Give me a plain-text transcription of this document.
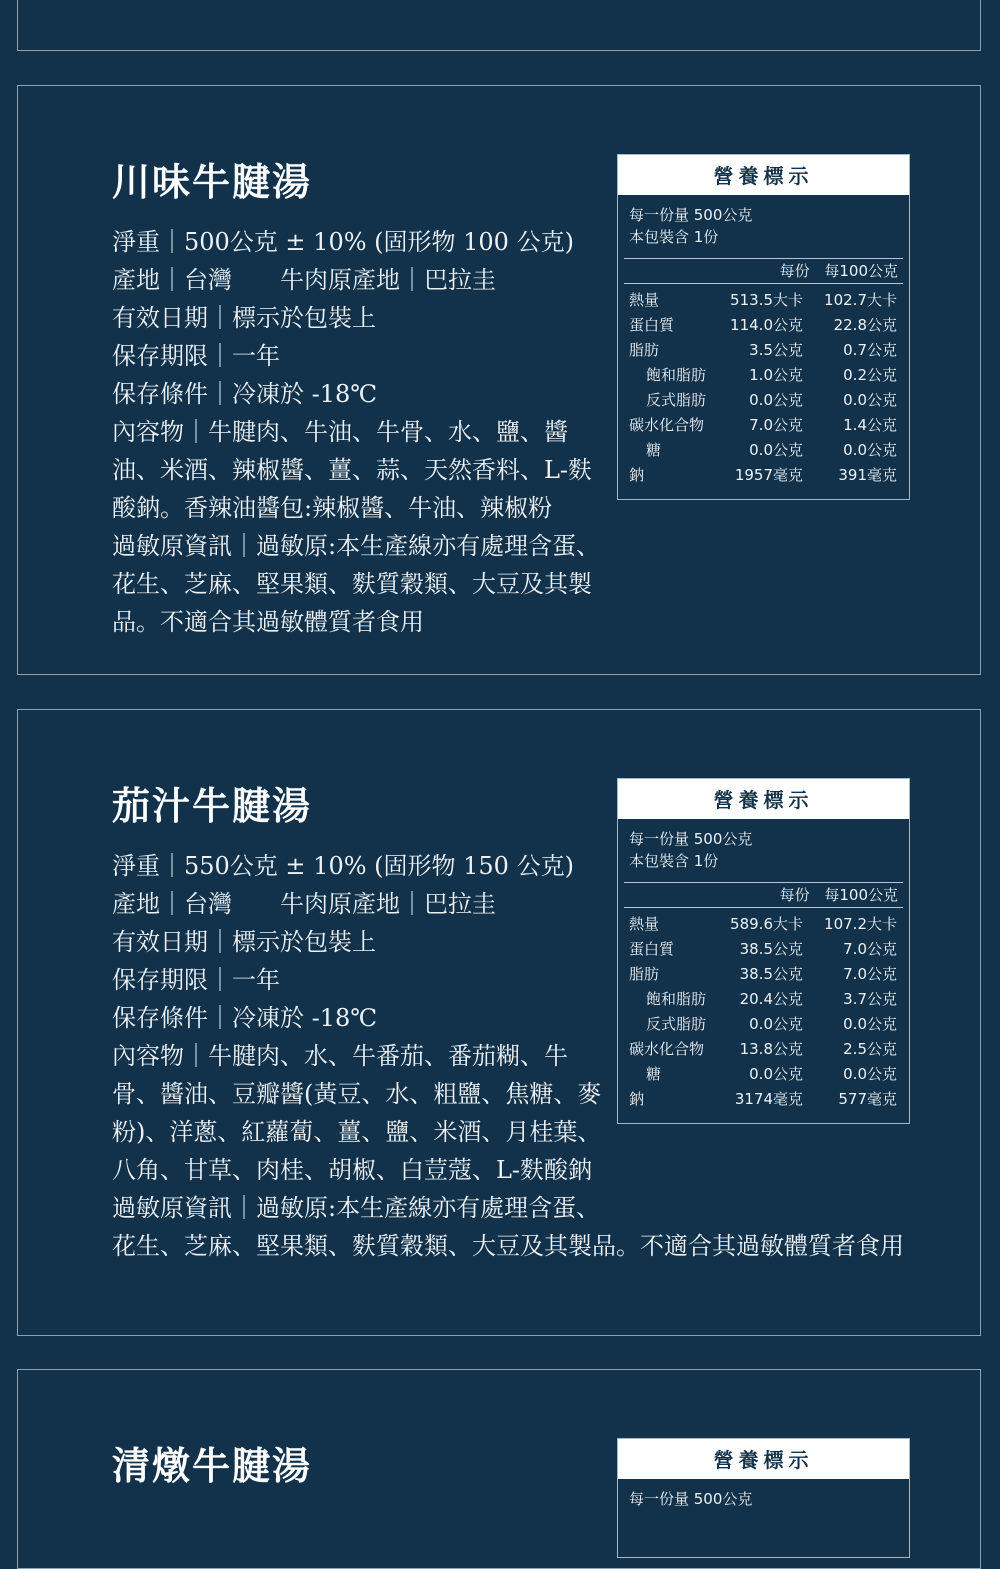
川味牛腱湯

淨重｜500公克 ± 10% (固形物 100 公克)

產地｜台灣　　牛肉原產地｜巴拉圭

有效日期｜標示於包裝上

保存期限｜一年

保存條件｜冷凍於 -18℃

內容物｜牛腱肉、牛油、牛骨、水、鹽、醬油、米酒、辣椒醬、薑、蒜、天然香料、L-麩酸鈉。香辣油醬包:辣椒醬、牛油、辣椒粉

過敏原資訊｜過敏原:本生產線亦有處理含蛋、花生、芝麻、堅果類、麩質穀類、大豆及其製品。不適合其過敏體質者食用

營養標示
每一份量 500公克
本包裝含 1份
每份 每100公克
熱量	513.5大卡	102.7大卡
蛋白質	114.0公克	22.8公克
脂肪	3.5公克	0.7公克
飽和脂肪	1.0公克	0.2公克
反式脂肪	0.0公克	0.0公克
碳水化合物	7.0公克	1.4公克
糖	0.0公克	0.0公克
鈉	1957毫克	391毫克
茄汁牛腱湯

淨重｜550公克 ± 10% (固形物 150 公克)

產地｜台灣　　牛肉原產地｜巴拉圭

有效日期｜標示於包裝上

保存期限｜一年

保存條件｜冷凍於 -18℃

內容物｜牛腱肉、水、牛番茄、番茄糊、牛骨、醬油、豆瓣醬(黃豆、水、粗鹽、焦糖、麥粉)、洋蔥、紅蘿蔔、薑、鹽、米酒、月桂葉、八角、甘草、肉桂、胡椒、白荳蔻、L-麩酸鈉

過敏原資訊｜過敏原:本生產線亦有處理含蛋、花生、芝麻、堅果類、麩質穀類、大豆及其製品。不適合其過敏體質者食用

營養標示
每一份量 500公克
本包裝含 1份
每份 每100公克
熱量	589.6大卡	107.2大卡
蛋白質	38.5公克	7.0公克
脂肪	38.5公克	7.0公克
飽和脂肪	20.4公克	3.7公克
反式脂肪	0.0公克	0.0公克
碳水化合物	13.8公克	2.5公克
糖	0.0公克	0.0公克
鈉	3174毫克	577毫克
清燉牛腱湯	營養標示
每一份量 500公克
